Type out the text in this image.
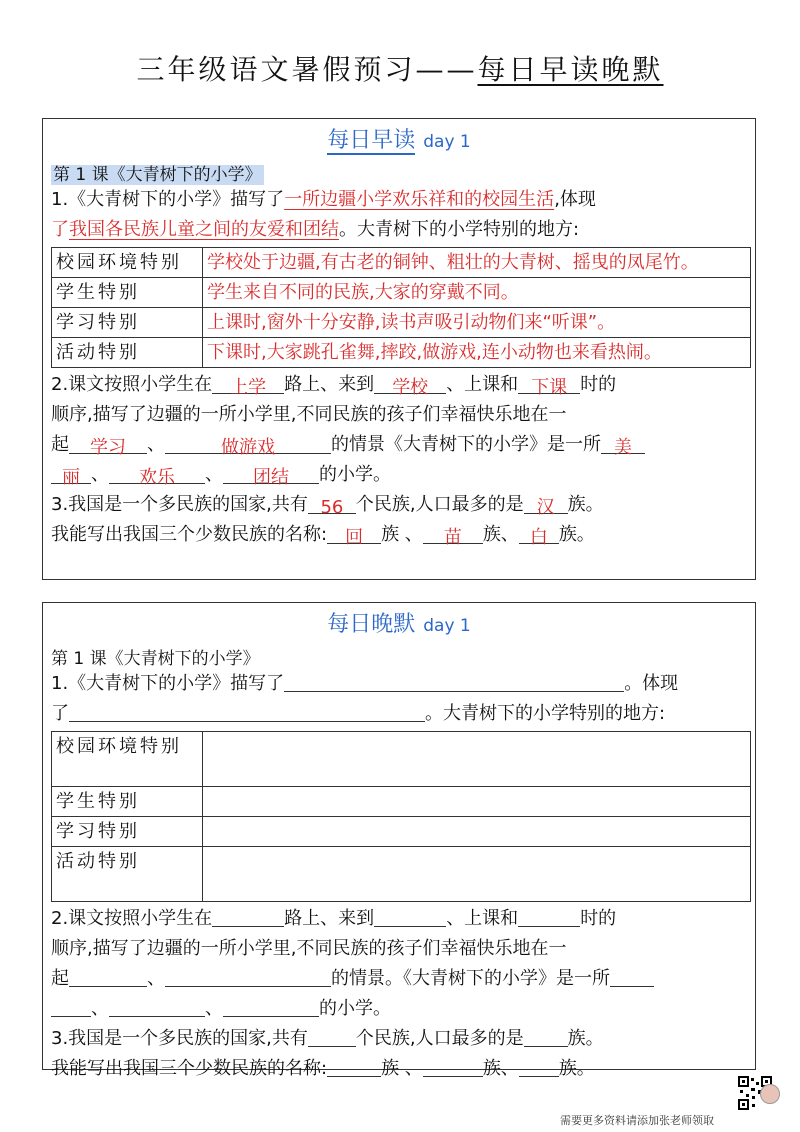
三年级语文暑假预习——每日早读晚默
每日早读 day 1
第 1 课《大青树下的小学》
1.《大青树下的小学》描写了一所边疆小学欢乐祥和的校园生活,体现
了我国各民族儿童之间的友爱和团结。大青树下的小学特别的地方:
校园环境特别	学校处于边疆,有古老的铜钟、粗壮的大青树、摇曳的凤尾竹。
学生特别	学生来自不同的民族,大家的穿戴不同。
学习特别	上课时,窗外十分安静,读书声吸引动物们来“听课”。
活动特别	下课时,大家跳孔雀舞,摔跤,做游戏,连小动物也来看热闹。
2.课文按照小学生在 上学 路上、来到 学校 、上课和 下课 时的
顺序,描写了边疆的一所小学里,不同民族的孩子们幸福快乐地在一
起 学习 、	做游戏	的情景《大青树下的小学》是一所 美
丽 、 欢乐 、 团结 的小学。
3.我国是一个多民族的国家,共有 56 个民族,人口最多的是 汉 族。
我能写出我国三个少数民族的名称: 回 族 、 苗 族、 白 族。
每日晚默 day 1
第 1 课《大青树下的小学》
1.《大青树下的小学》描写了	。体现
了	。大青树下的小学特别的地方:
校园环境特别	
学生特别	
学习特别	
活动特别	
2.课文按照小学生在	路上、来到	、上课和	时的
顺序,描写了边疆的一所小学里,不同民族的孩子们幸福快乐地在一
起	、	的情景。《大青树下的小学》是一所
、	、	的小学。
3.我国是一个多民族的国家,共有	个民族,人口最多的是 族。
我能写出我国三个少数民族的名称:	族 、	族、 族。
需要更多资料请添加张老师领取
